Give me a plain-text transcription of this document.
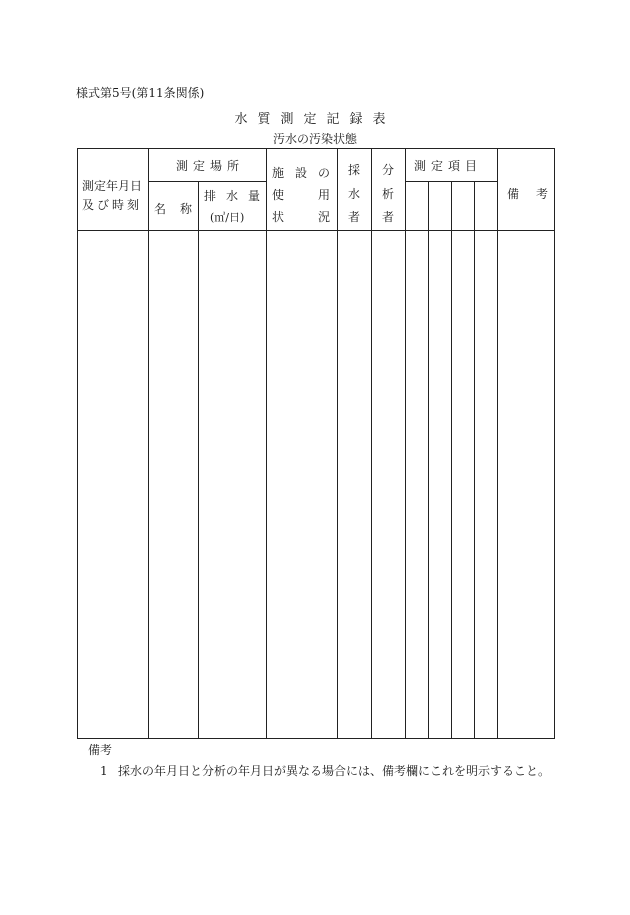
様式第5号(第11条関係)
水質測定記録表
汚水の汚染状態
測定年月日
及び時刻
測定場所
名 称
排 水 量
(㎥/日)
施 設 の
使	用
状	況
採
水
者
分
析
者
測定項目
備 考
備考
1 採水の年月日と分析の年月日が異なる場合には、備考欄にこれを明示すること。
